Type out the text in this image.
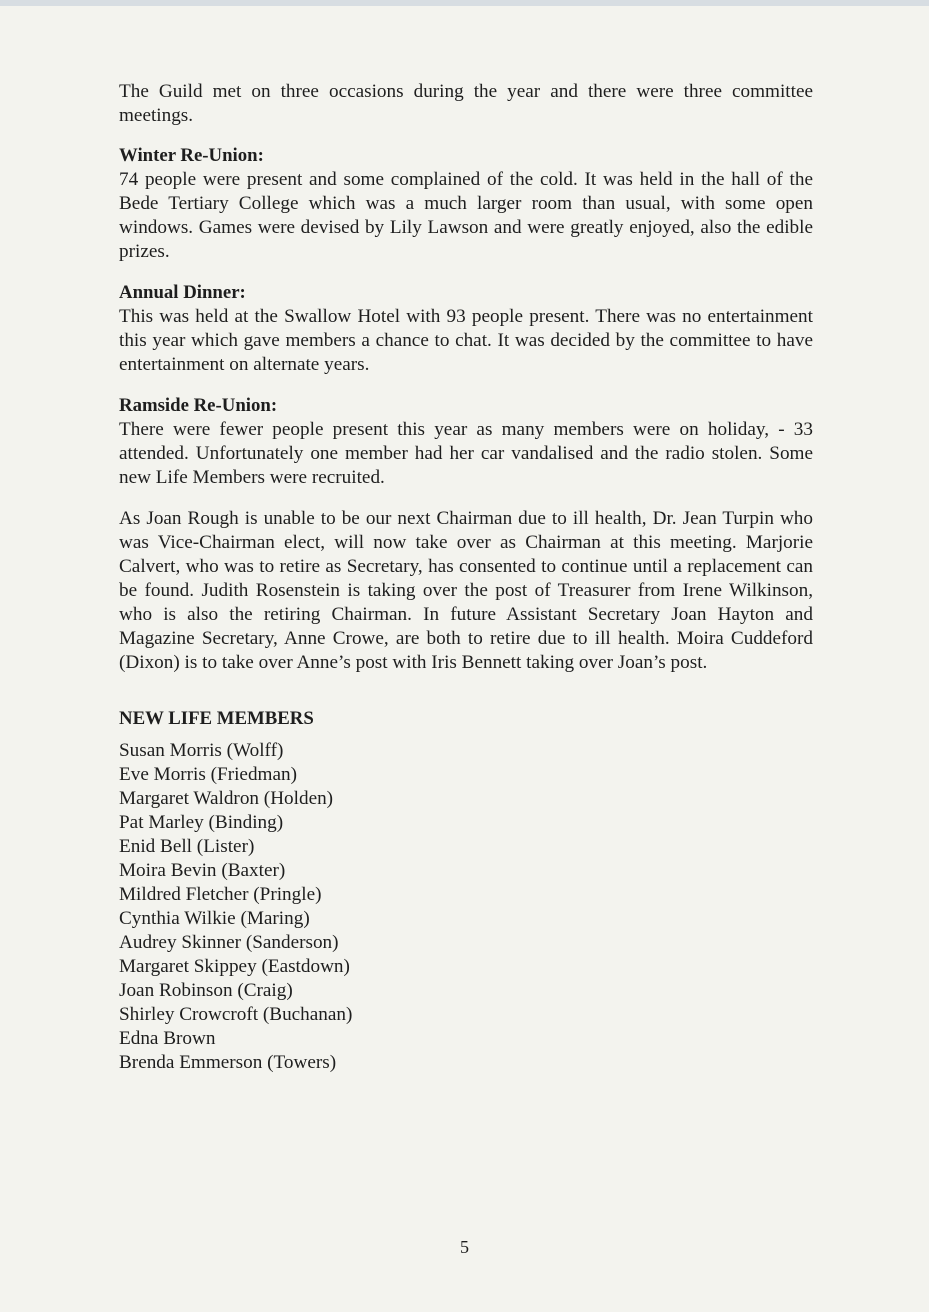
The Guild met on three occasions during the year and there were three committee meetings.

Winter Re-Union:

74 people were present and some complained of the cold. It was held in the hall of the Bede Tertiary College which was a much larger room than usual, with some open windows. Games were devised by Lily Lawson and were greatly enjoyed, also the edible prizes.

Annual Dinner:

This was held at the Swallow Hotel with 93 people present. There was no entertainment this year which gave members a chance to chat. It was decided by the committee to have entertainment on alternate years.

Ramside Re-Union:

There were fewer people present this year as many members were on holiday, - 33 attended. Unfortunately one member had her car vandalised and the radio stolen. Some new Life Members were recruited.

As Joan Rough is unable to be our next Chairman due to ill health, Dr. Jean Turpin who was Vice-Chairman elect, will now take over as Chairman at this meeting. Marjorie Calvert, who was to retire as Secretary, has consented to continue until a replacement can be found. Judith Rosenstein is taking over the post of Treasurer from Irene Wilkinson, who is also the retiring Chairman. In future Assistant Secretary Joan Hayton and Magazine Secretary, Anne Crowe, are both to retire due to ill health. Moira Cuddeford (Dixon) is to take over Anne’s post with Iris Bennett taking over Joan’s post.

NEW LIFE MEMBERS

Susan Morris (Wolff)
Eve Morris (Friedman)
Margaret Waldron (Holden)
Pat Marley (Binding)
Enid Bell (Lister)
Moira Bevin (Baxter)
Mildred Fletcher (Pringle)
Cynthia Wilkie (Maring)
Audrey Skinner (Sanderson)
Margaret Skippey (Eastdown)
Joan Robinson (Craig)
Shirley Crowcroft (Buchanan)
Edna Brown
Brenda Emmerson (Towers)
5
